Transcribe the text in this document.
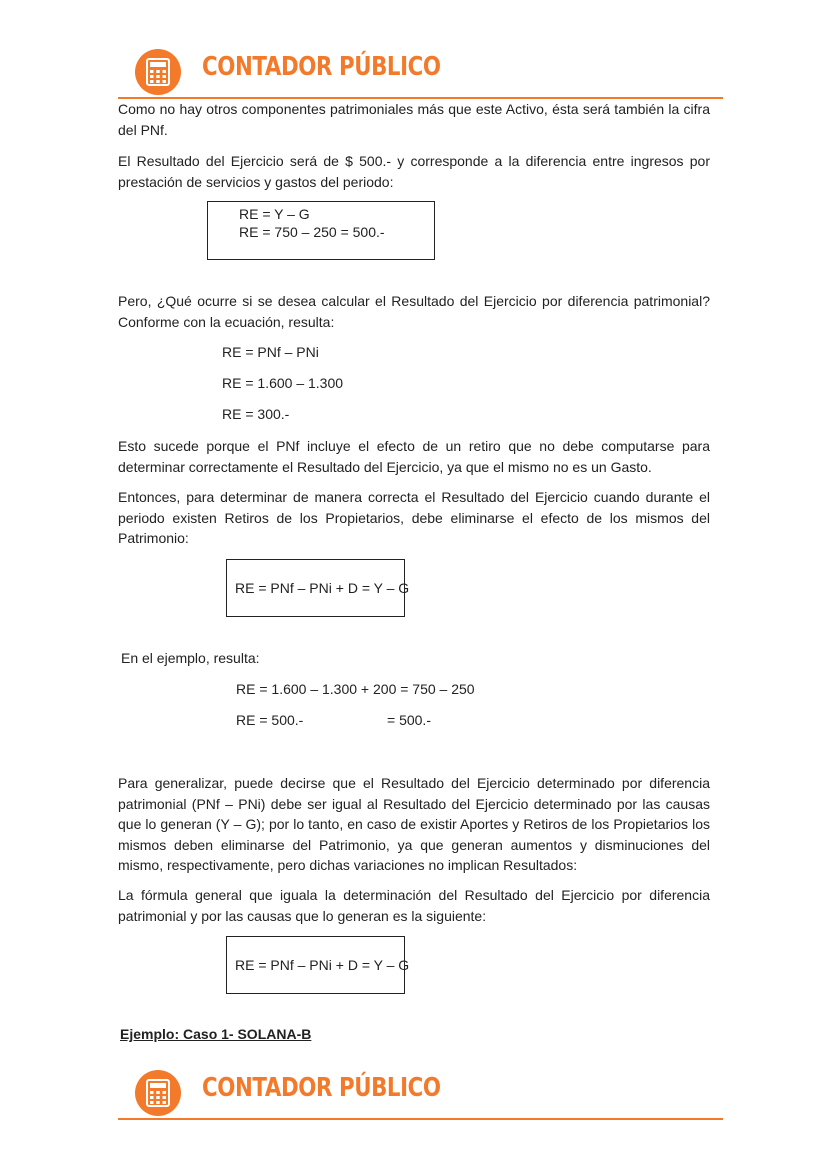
CONTADOR PÚBLICO

Como no hay otros componentes patrimoniales más que este Activo, ésta será también la cifra del PNf.

El Resultado del Ejercicio será de $ 500.- y corresponde a la diferencia entre ingresos por prestación de servicios y gastos del periodo:

RE = Y – G
RE = 750 – 250 = 500.-

Pero, ¿Qué ocurre si se desea calcular el Resultado del Ejercicio por diferencia patrimonial? Conforme con la ecuación, resulta:

RE = PNf – PNi
RE = 1.600 – 1.300
RE = 300.-

Esto sucede porque el PNf incluye el efecto de un retiro que no debe computarse para determinar correctamente el Resultado del Ejercicio, ya que el mismo no es un Gasto.

Entonces, para determinar de manera correcta el Resultado del Ejercicio cuando durante el periodo existen Retiros de los Propietarios, debe eliminarse el efecto de los mismos del Patrimonio:

RE = PNf – PNi + D = Y – G
En el ejemplo, resulta:
RE = 1.600 – 1.300 + 200 = 750 – 250
RE = 500.-	= 500.-

Para generalizar, puede decirse que el Resultado del Ejercicio determinado por diferencia patrimonial (PNf – PNi) debe ser igual al Resultado del Ejercicio determinado por las causas que lo generan (Y – G); por lo tanto, en caso de existir Aportes y Retiros de los Propietarios los mismos deben eliminarse del Patrimonio, ya que generan aumentos y disminuciones del mismo, respectivamente, pero dichas variaciones no implican Resultados:

La fórmula general que iguala la determinación del Resultado del Ejercicio por diferencia patrimonial y por las causas que lo generan es la siguiente:

RE = PNf – PNi + D = Y – G
Ejemplo: Caso 1- SOLANA-B
CONTADOR PÚBLICO
